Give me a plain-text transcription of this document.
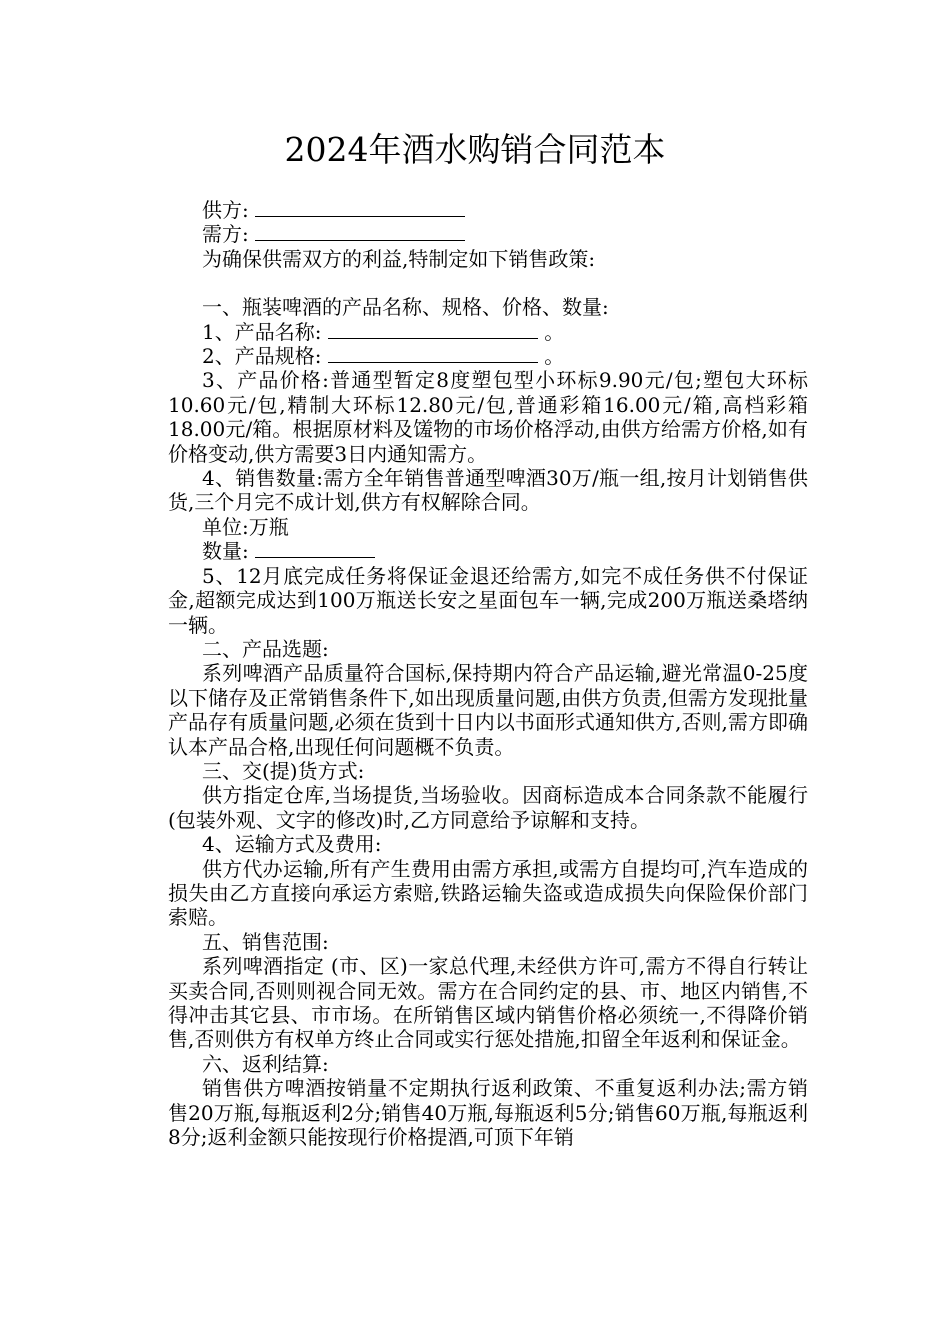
2024年酒水购销合同范本

供方:

需方:

为确保供需双方的利益,特制定如下销售政策:

一、瓶装啤酒的产品名称、规格、价格、数量:

1、产品名称:	。

2、产品规格:	。

3、产品价格:普通型暂定8度塑包型小环标9.90元/包;塑包大环标10.60元/包,精制大环标12.80元/包,普通彩箱16.00元/箱,高档彩箱18.00元/箱。根据原材料及馐物的市场价格浮动,由供方给需方价格,如有价格变动,供方需要3日内通知需方。

4、销售数量:需方全年销售普通型啤酒30万/瓶一组,按月计划销售供货,三个月完不成计划,供方有权解除合同。

单位:万瓶

数量:

5、12月底完成任务将保证金退还给需方,如完不成任务供不付保证金,超额完成达到100万瓶送长安之星面包车一辆,完成200万瓶送桑塔纳一辆。

二、产品选题:

系列啤酒产品质量符合国标,保持期内符合产品运输,避光常温0-25度以下储存及正常销售条件下,如出现质量问题,由供方负责,但需方发现批量产品存有质量问题,必须在货到十日内以书面形式通知供方,否则,需方即确认本产品合格,出现任何问题概不负责。

三、交(提)货方式:

供方指定仓库,当场提货,当场验收。因商标造成本合同条款不能履行(包装外观、文字的修改)时,乙方同意给予谅解和支持。

4、运输方式及费用:

供方代办运输,所有产生费用由需方承担,或需方自提均可,汽车造成的损失由乙方直接向承运方索赔,铁路运输失盗或造成损失向保险保价部门索赔。

五、销售范围:

系列啤酒指定 (市、区)一家总代理,未经供方许可,需方不得自行转让买卖合同,否则则视合同无效。需方在合同约定的县、市、地区内销售,不得冲击其它县、市市场。在所销售区域内销售价格必须统一,不得降价销售,否则供方有权单方终止合同或实行惩处措施,扣留全年返利和保证金。

六、返利结算:

销售供方啤酒按销量不定期执行返利政策、不重复返利办法;需方销售20万瓶,每瓶返利2分;销售40万瓶,每瓶返利5分;销售60万瓶,每瓶返利8分;返利金额只能按现行价格提酒,可顶下年销
